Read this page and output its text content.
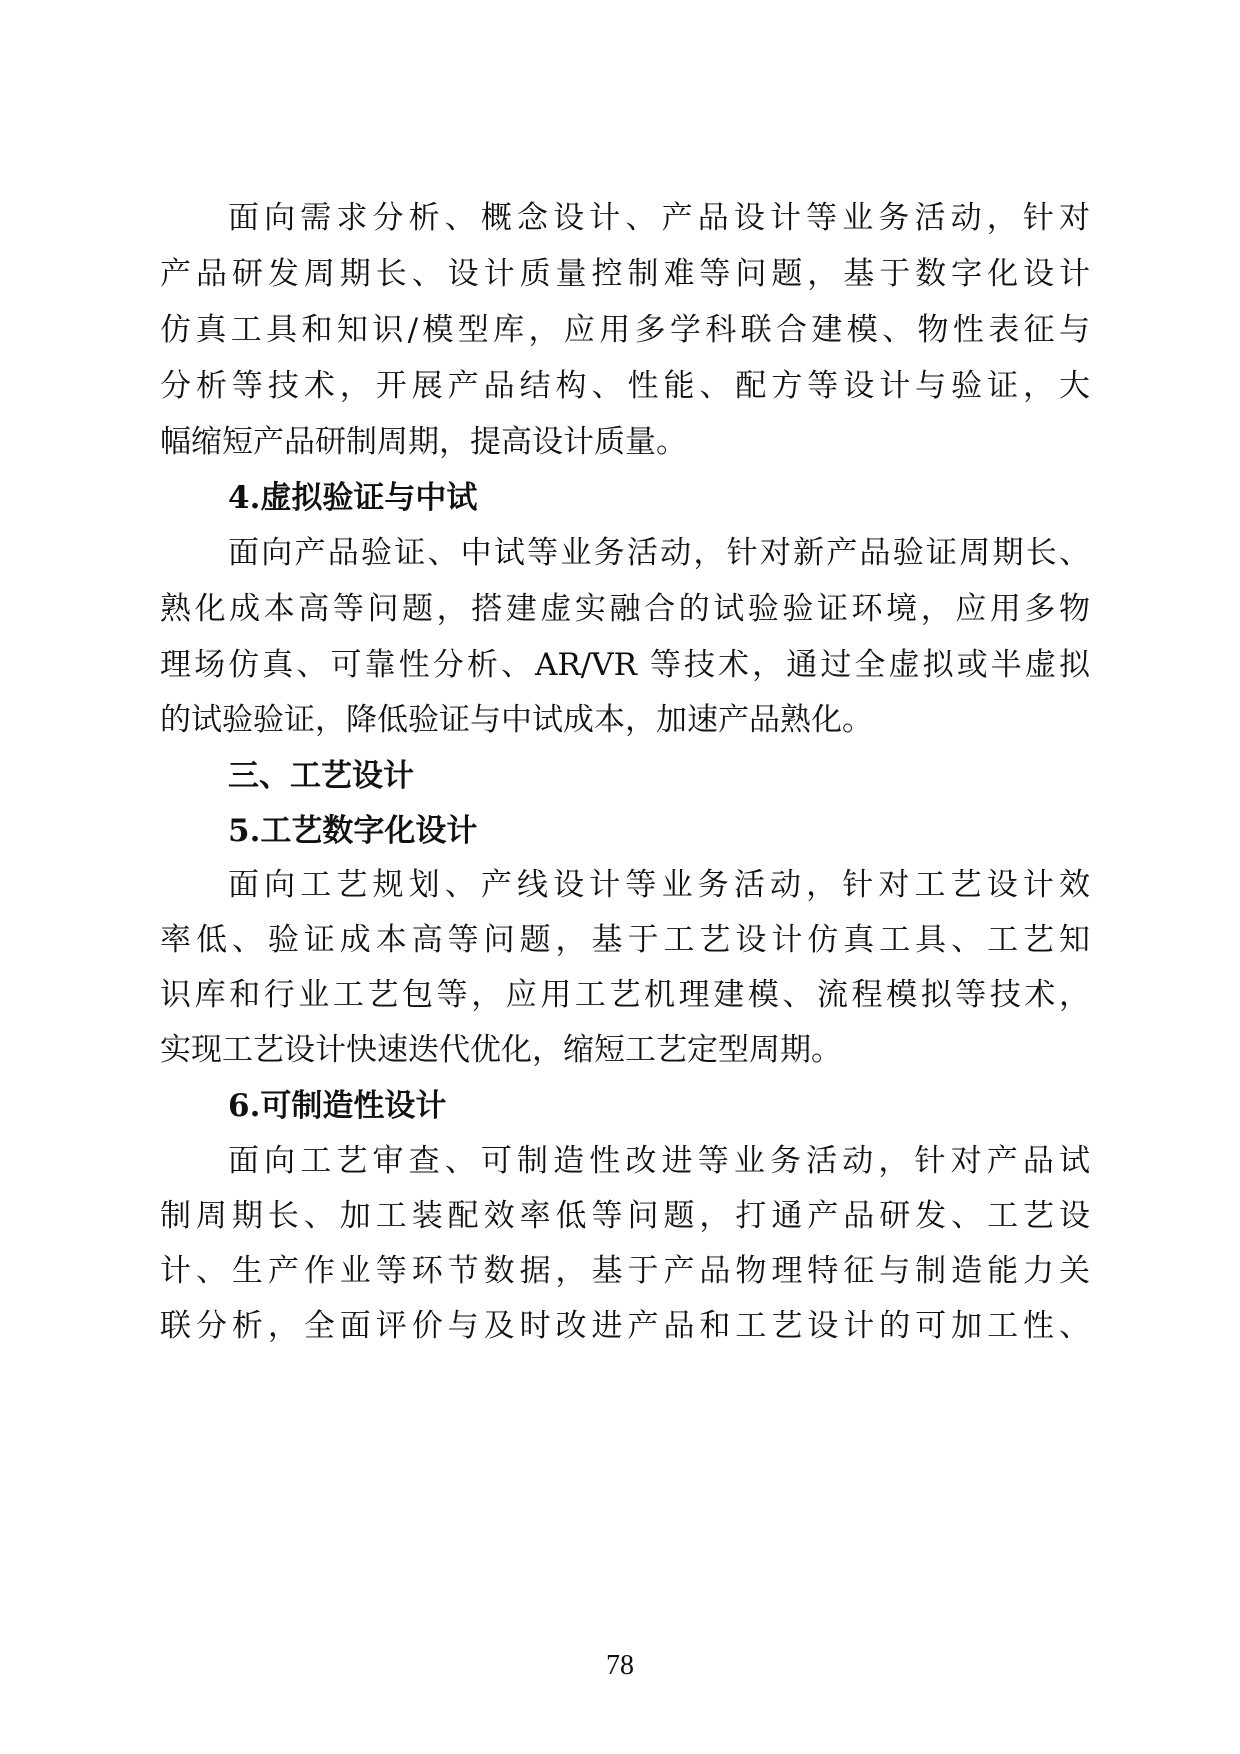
面向需求分析、概念设计、产品设计等业务活动，针对
产品研发周期长、设计质量控制难等问题，基于数字化设计
仿真工具和知识/模型库，应用多学科联合建模、物性表征与
分析等技术，开展产品结构、性能、配方等设计与验证，大
幅缩短产品研制周期，提高设计质量。
4.虚拟验证与中试
面向产品验证、中试等业务活动，针对新产品验证周期长、
熟化成本高等问题，搭建虚实融合的试验验证环境，应用多物
理场仿真、可靠性分析、AR/VR 等技术，通过全虚拟或半虚拟
的试验验证，降低验证与中试成本，加速产品熟化。
三、工艺设计
5.工艺数字化设计
面向工艺规划、产线设计等业务活动，针对工艺设计效
率低、验证成本高等问题，基于工艺设计仿真工具、工艺知
识库和行业工艺包等，应用工艺机理建模、流程模拟等技术，
实现工艺设计快速迭代优化，缩短工艺定型周期。
6.可制造性设计
面向工艺审查、可制造性改进等业务活动，针对产品试
制周期长、加工装配效率低等问题，打通产品研发、工艺设
计、生产作业等环节数据，基于产品物理特征与制造能力关
联分析，全面评价与及时改进产品和工艺设计的可加工性、
78
